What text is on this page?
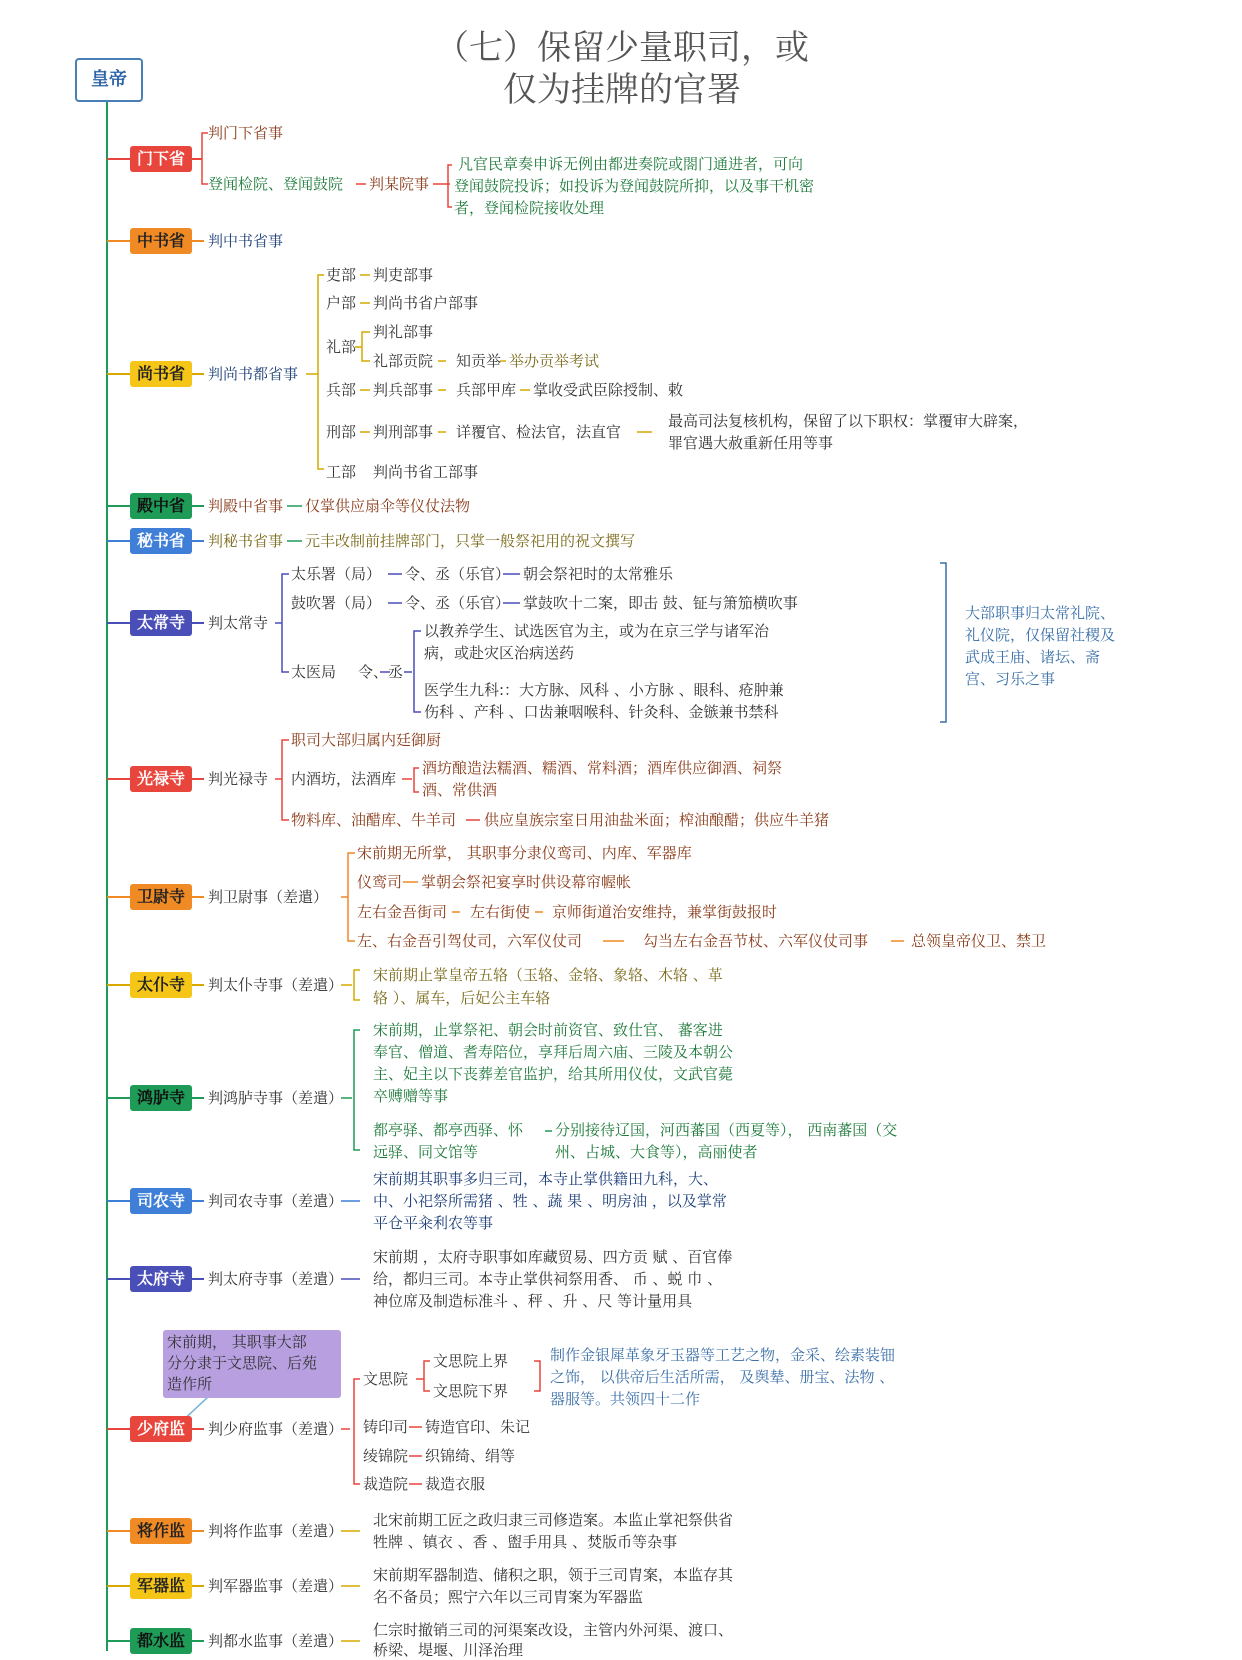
（七）保留少量职司，或
仅为挂牌的官署
皇帝
门下省
中书省
尚书省
殿中省
秘书省
太常寺
光禄寺
卫尉寺
太仆寺
鸿胪寺
司农寺
太府寺
少府监
将作监
军器监
都水监
判门下省事
登闻检院、登闻鼓院 判某院事
凡官民章奏申诉无例由都进奏院或閤门通进者，可向
登闻鼓院投诉；如投诉为登闻鼓院所抑，以及事干机密
者，登闻检院接收处理
判中书省事
判尚书都省事
吏部 判吏部事
户部 判尚书省户部事
礼部
判礼部事
礼部贡院 知贡举 举办贡举考试
兵部 判兵部事 兵部甲库 掌收受武臣除授制、敕
刑部 判刑部事 详覆官、检法官，法直官
最高司法复核机构，保留了以下职权：掌覆审大辟案，
罪官遇大赦重新任用等事
工部 判尚书省工部事
判殿中省事 仅掌供应扇伞等仪仗法物
判秘书省事 元丰改制前挂牌部门，只掌一般祭祀用的祝文撰写
判太常寺
太乐署（局） 令、丞（乐官） 朝会祭祀时的太常雅乐
鼓吹署（局） 令、丞（乐官） 掌鼓吹十二案，即击 鼓、钲与箫笳横吹事
太医局 令、丞
以教养学生、试选医官为主，或为在京三学与诸军治
病，或赴灾区治病送药
医学生九科:：大方脉、风科 、小方脉 、眼科、疮肿兼
伤科 、产科 、口齿兼咽喉科、针灸科、金镞兼书禁科
大部职事归太常礼院、
礼仪院，仅保留社稷及
武成王庙、诸坛、斋
宫、习乐之事
判光禄寺
职司大部归属内廷御厨
内酒坊，法酒库
酒坊酿造法糯酒、糯酒、常料酒；酒库供应御酒、祠祭
酒、常供酒
物料库、油醋库、牛羊司 供应皇族宗室日用油盐米面；榨油酿醋；供应牛羊猪
判卫尉事（差遣）
宋前期无所掌， 其职事分隶仪鸾司、内库、军器库
仪鸾司 掌朝会祭祀宴享时供设幕帘幄帐
左右金吾街司 左右街使 京师街道治安维持，兼掌街鼓报时
左、右金吾引驾仗司，六军仪仗司	勾当左右金吾节杖、六军仪仗司事	总领皇帝仪卫、禁卫
判太仆寺事（差遣）
宋前期止掌皇帝五辂（玉辂、金辂、象辂、木辂 、革
辂 ）、属车，后妃公主车辂
判鸿胪寺事（差遣）
宋前期，止掌祭祀、朝会时前资官、致仕官、 蕃客进
奉官、僧道、耆寿陪位，享拜后周六庙、三陵及本朝公
主、妃主以下丧葬差官监护，给其所用仪仗，文武官薨
卒赙赠等事
都亭驿、都亭西驿、怀
远驿、同文馆等
分别接待辽国，河西蕃国（西夏等）， 西南蕃国（交
州、占城、大食等），高丽使者
判司农寺事（差遣）
宋前期其职事多归三司，本寺止掌供籍田九科，大、
中、小祀祭所需猪 、牲 、蔬 果 、明房油 ，以及掌常
平仓平籴利农等事
判太府寺事（差遣）
宋前期 ，太府寺职事如库藏贸易、四方贡 赋 、百官俸
给，都归三司。本寺止掌供祠祭用香、 币 、蜕 巾 、
神位席及制造标准斗 、秤 、升 、尺 等计量用具
宋前期， 其职事大部
分分隶于文思院、后苑
造作所
判少府监事（差遣）
文思院
文思院上界
文思院下界
制作金银犀革象牙玉器等工艺之物，金采、绘素装钿
之饰， 以供帝后生活所需， 及舆辇、册宝、法物 、
器服等。共领四十二作
铸印司 铸造官印、朱记
绫锦院 织锦绮、绢等
裁造院 裁造衣服
判将作监事（差遣）
北宋前期工匠之政归隶三司修造案。本监止掌祀祭供省
牲牌 、镇衣 、香 、盥手用具 、焚版币等杂事
判军器监事（差遣）
宋前期军器制造、储积之职，领于三司胄案，本监存其
名不备员；熙宁六年以三司胄案为军器监
判都水监事（差遣）
仁宗时撤销三司的河渠案改设，主管内外河渠、渡口、
桥梁、堤堰、川泽治理
